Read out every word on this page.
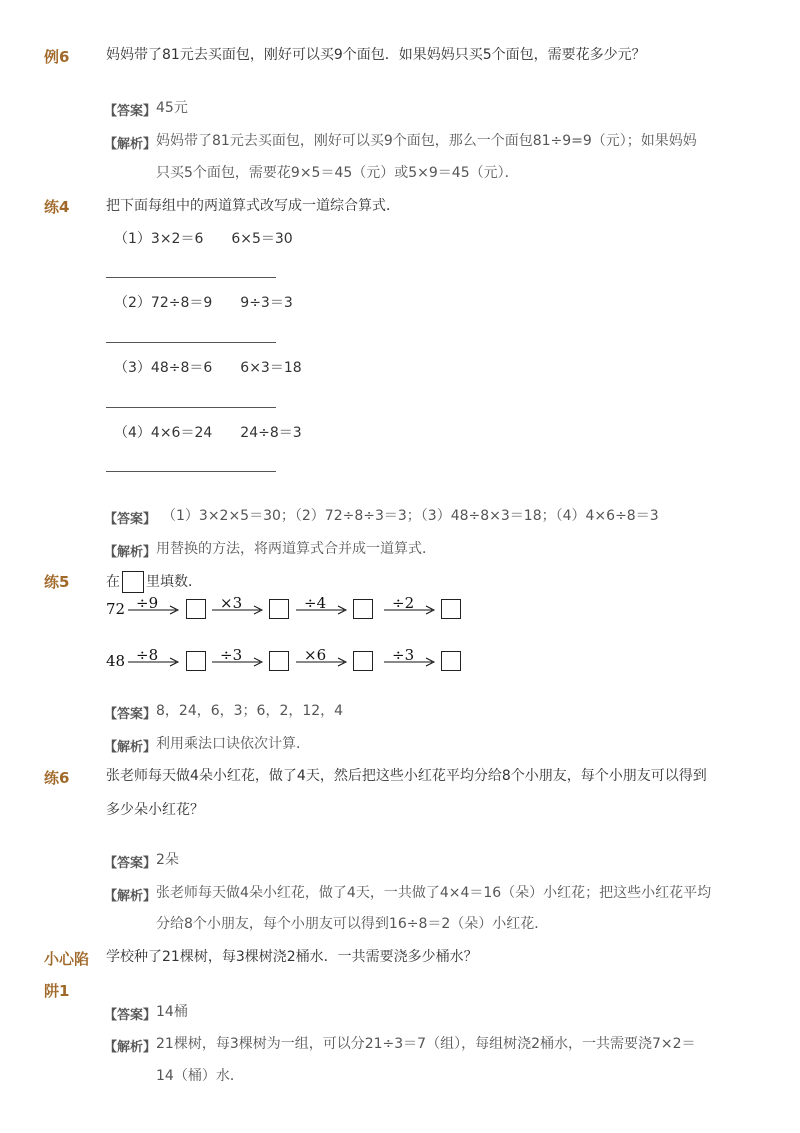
例6	妈妈带了81元去买面包，刚好可以买9个面包．如果妈妈只买5个面包，需要花多少元？
【答案】 45元
【解析】 妈妈带了81元去买面包，刚好可以买9个面包，那么一个面包81÷9=9（元）；如果妈妈
只买5个面包，需要花9×5＝45（元）或5×9＝45（元）．
练4	把下面每组中的两道算式改写成一道综合算式．
（1）3×2＝6 6×5＝30
（2）72÷8＝9 9÷3＝3
（3）48÷8＝6 6×3＝18
（4）4×6＝24 24÷8＝3
【答案】 （1）3×2×5＝30；（2）72÷8÷3＝3；（3）48÷8×3＝18；（4）4×6÷8＝3
【解析】 用替换的方法，将两道算式合并成一道算式．
练5	在 里填数．
72 ÷9	×3	÷4	÷2
48 ÷8	÷3	×6	÷3
【答案】 8，24，6，3；6，2，12，4
【解析】 利用乘法口诀依次计算．
练6	张老师每天做4朵小红花，做了4天，然后把这些小红花平均分给8个小朋友，每个小朋友可以得到
多少朵小红花？
【答案】 2朵
【解析】 张老师每天做4朵小红花，做了4天，一共做了4×4＝16（朵）小红花；把这些小红花平均
分给8个小朋友，每个小朋友可以得到16÷8＝2（朵）小红花．
小心陷
阱1
学校种了21棵树，每3棵树浇2桶水．一共需要浇多少桶水？
【答案】 14桶
【解析】 21棵树，每3棵树为一组，可以分21÷3＝7（组），每组树浇2桶水，一共需要浇7×2＝
14（桶）水．
